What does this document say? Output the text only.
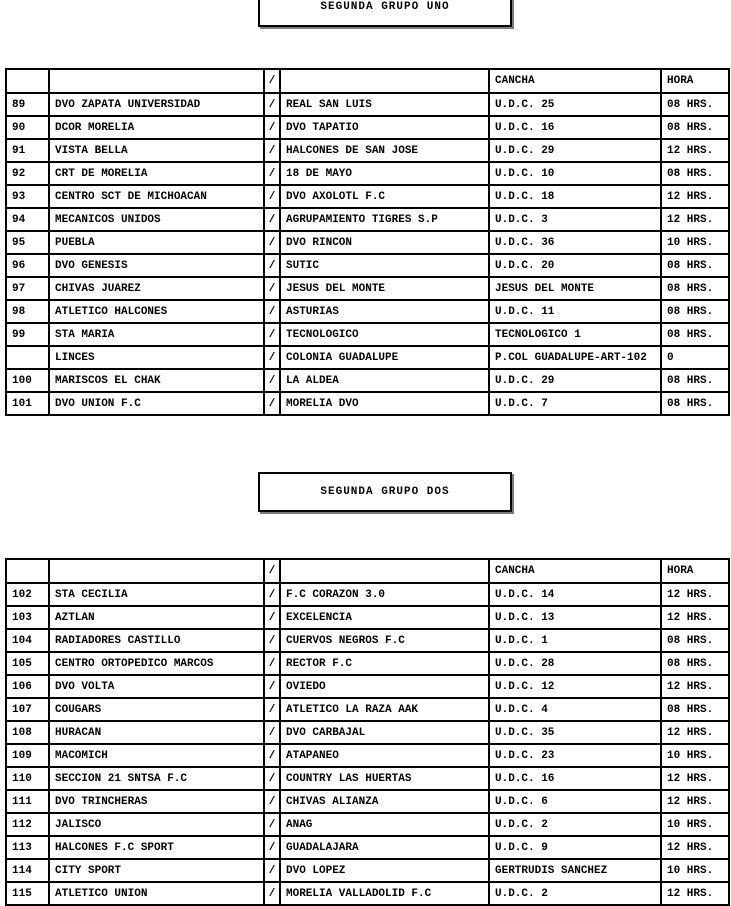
SEGUNDA GRUPO UNO
		/		CANCHA	HORA
89	DVO ZAPATA UNIVERSIDAD	/	REAL SAN LUIS	U.D.C. 25	08 HRS.
90	DCOR MORELIA	/	DVO TAPATIO	U.D.C. 16	08 HRS.
91	VISTA BELLA	/	HALCONES DE SAN JOSE	U.D.C. 29	12 HRS.
92	CRT DE MORELIA	/	18 DE MAYO	U.D.C. 10	08 HRS.
93	CENTRO SCT DE MICHOACAN	/	DVO AXOLOTL F.C	U.D.C. 18	12 HRS.
94	MECANICOS UNIDOS	/	AGRUPAMIENTO TIGRES S.P	U.D.C. 3	12 HRS.
95	PUEBLA	/	DVO RINCON	U.D.C. 36	10 HRS.
96	DVO GENESIS	/	SUTIC	U.D.C. 20	08 HRS.
97	CHIVAS JUAREZ	/	JESUS DEL MONTE	JESUS DEL MONTE	08 HRS.
98	ATLETICO HALCONES	/	ASTURIAS	U.D.C. 11	08 HRS.
99	STA MARIA	/	TECNOLOGICO	TECNOLOGICO 1	08 HRS.
	LINCES	/	COLONIA GUADALUPE	P.COL GUADALUPE-ART-102	0
100	MARISCOS EL CHAK	/	LA ALDEA	U.D.C. 29	08 HRS.
101	DVO UNION F.C	/	MORELIA DVO	U.D.C. 7	08 HRS.
SEGUNDA GRUPO DOS
		/		CANCHA	HORA
102	STA CECILIA	/	F.C CORAZON 3.0	U.D.C. 14	12 HRS.
103	AZTLAN	/	EXCELENCIA	U.D.C. 13	12 HRS.
104	RADIADORES CASTILLO	/	CUERVOS NEGROS F.C	U.D.C. 1	08 HRS.
105	CENTRO ORTOPEDICO MARCOS	/	RECTOR F.C	U.D.C. 28	08 HRS.
106	DVO VOLTA	/	OVIEDO	U.D.C. 12	12 HRS.
107	COUGARS	/	ATLETICO LA RAZA AAK	U.D.C. 4	08 HRS.
108	HURACAN	/	DVO CARBAJAL	U.D.C. 35	12 HRS.
109	MACOMICH	/	ATAPANEO	U.D.C. 23	10 HRS.
110	SECCION 21 SNTSA F.C	/	COUNTRY LAS HUERTAS	U.D.C. 16	12 HRS.
111	DVO TRINCHERAS	/	CHIVAS ALIANZA	U.D.C. 6	12 HRS.
112	JALISCO	/	ANAG	U.D.C. 2	10 HRS.
113	HALCONES F.C SPORT	/	GUADALAJARA	U.D.C. 9	12 HRS.
114	CITY SPORT	/	DVO LOPEZ	GERTRUDIS SANCHEZ	10 HRS.
115	ATLETICO UNION	/	MORELIA VALLADOLID F.C	U.D.C. 2	12 HRS.
